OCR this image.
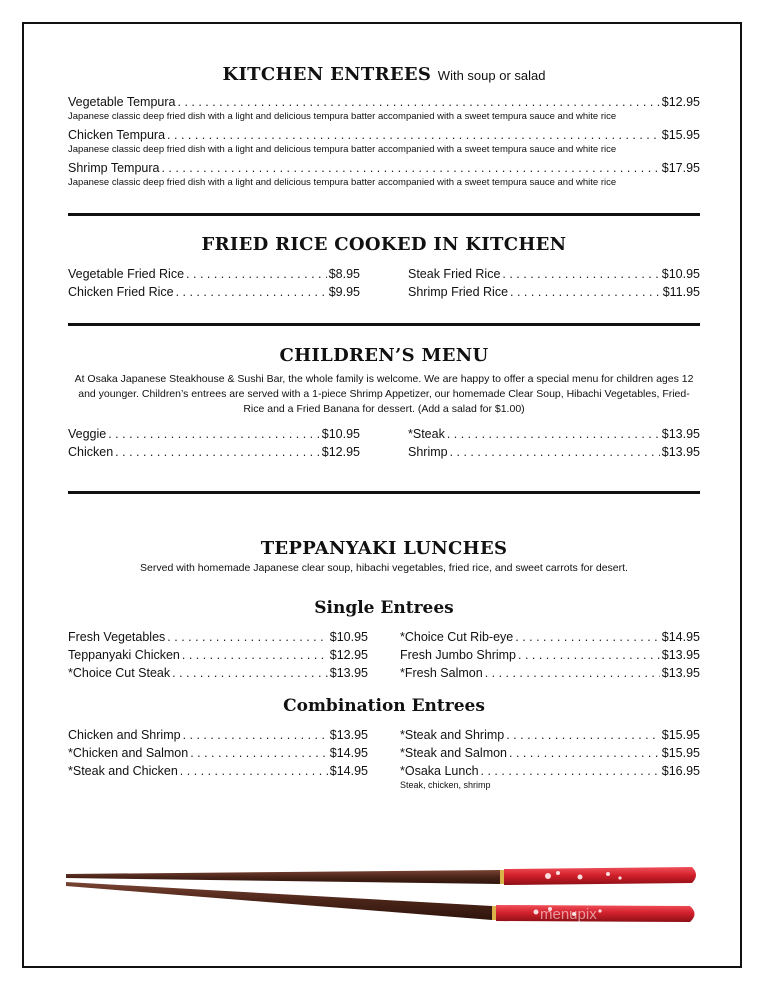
KITCHEN ENTREES With soup or salad
Vegetable Tempura . . .	$12.95
Japanese classic deep fried dish with a light and delicious tempura batter accompanied with a sweet tempura sauce and white rice
Chicken Tempura . . .	$15.95
Japanese classic deep fried dish with a light and delicious tempura batter accompanied with a sweet tempura sauce and white rice
Shrimp Tempura . . .	$17.95
Japanese classic deep fried dish with a light and delicious tempura batter accompanied with a sweet tempura sauce and white rice
FRIED RICE COOKED IN KITCHEN
Vegetable Fried Rice . . .	$8.95
Chicken Fried Rice . . .	$9.95
Steak Fried Rice . . .	$10.95
Shrimp Fried Rice . . .	$11.95
CHILDREN’S MENU
At Osaka Japanese Steakhouse & Sushi Bar, the whole family is welcome. We are happy to offer a special menu for children ages 12 and younger. Children’s entrees are served with a 1-piece Shrimp Appetizer, our homemade Clear Soup, Hibachi Vegetables, Fried-Rice and a Fried Banana for dessert. (Add a salad for $1.00)
Veggie . . .	$10.95
Chicken . . .	$12.95
*Steak . . .	$13.95
Shrimp . . .	$13.95
TEPPANYAKI LUNCHES
Served with homemade Japanese clear soup, hibachi vegetables, fried rice, and sweet carrots for desert.
Single Entrees
Fresh Vegetables . . .	$10.95
Teppanyaki Chicken . . .	$12.95
*Choice Cut Steak . . .	$13.95
*Choice Cut Rib-eye . . .	$14.95
Fresh Jumbo Shrimp . . .	$13.95
*Fresh Salmon . . .	$13.95
Combination Entrees
Chicken and Shrimp . . .	$13.95
*Chicken and Salmon . . .	$14.95
*Steak and Chicken . . .	$14.95
*Steak and Shrimp . . .	$15.95
*Steak and Salmon . . .	$15.95
*Osaka Lunch . . .	$16.95
Steak, chicken, shrimp
menupix
